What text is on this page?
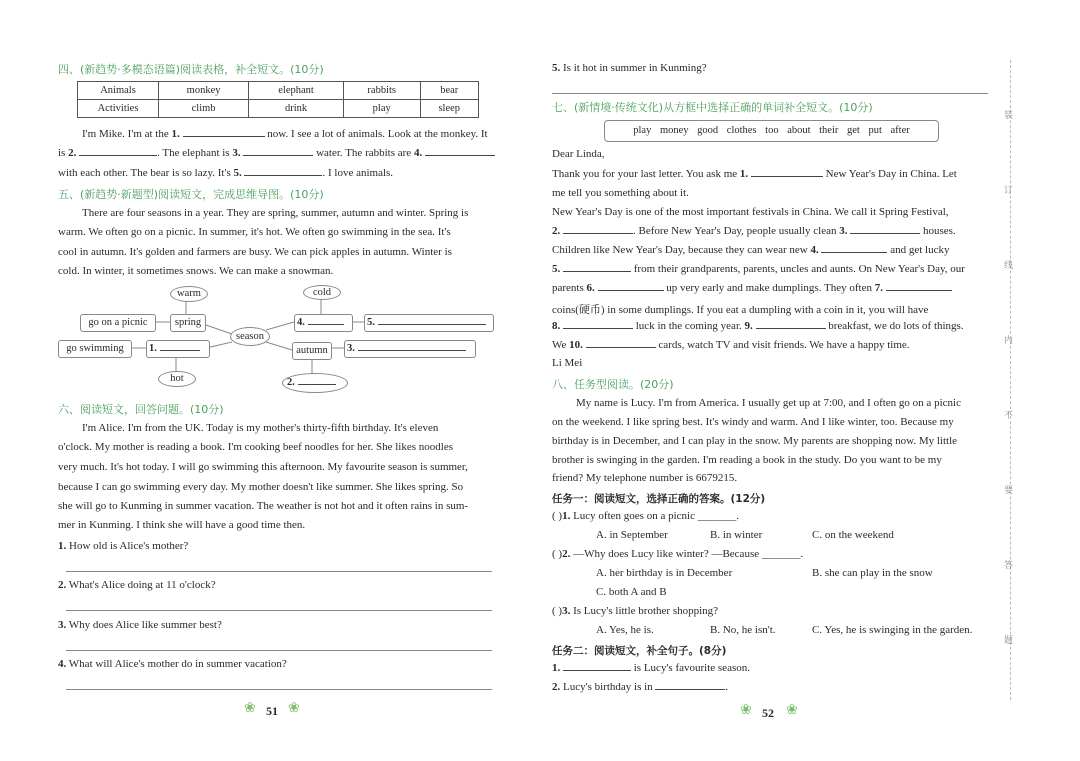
四、(新趋势·多模态语篇)阅读表格，补全短文。(10分)
Animals	monkey	elephant	rabbits	bear
Activities	climb	drink	play	sleep
I'm Mike. I'm at the 1.	now. I see a lot of animals. Look at the monkey. It
is 2.	. The elephant is 3.	water. The rabbits are 4.
with each other. The bear is so lazy. It's 5.	. I love animals.
五、(新趋势·新题型)阅读短文，完成思维导图。(10分)
There are four seasons in a year. They are spring, summer, autumn and winter. Spring is
warm. We often go on a picnic. In summer, it's hot. We often go swimming in the sea. It's
cool in autumn. It's golden and farmers are busy. We can pick apples in autumn. Winter is
cold. In winter, it sometimes snows. We can make a snowman.
warm	cold
go on a picnic	spring
season
4.	5.
go swimming	1.	autumn	3.
hot	2.
六、阅读短文，回答问题。(10分)
I'm Alice. I'm from the UK. Today is my mother's thirty-fifth birthday. It's eleven
o'clock. My mother is reading a book. I'm cooking beef noodles for her. She likes noodles
very much. It's hot today. I will go swimming this afternoon. My favourite season is summer,
because I can go swimming every day. My mother doesn't like summer. She likes spring. So
she will go to Kunming in summer vacation. The weather is not hot and it often rains in sum-
mer in Kunming. I think she will have a good time then.
1. How old is Alice's mother?
2. What's Alice doing at 11 o'clock?
3. Why does Alice like summer best?
4. What will Alice's mother do in summer vacation?
❀ 51 ❀
5. Is it hot in summer in Kunming?
七、(新情境·传统文化)从方框中选择正确的单词补全短文。(10分)
play money good clothes too about their get put after
Dear Linda,
Thank you for your last letter. You ask me 1.	New Year's Day in China. Let
me tell you something about it.
New Year's Day is one of the most important festivals in China. We call it Spring Festival,
2.	. Before New Year's Day, people usually clean 3.	houses.
Children like New Year's Day, because they can wear new 4.	and get lucky
5.	from their grandparents, parents, uncles and aunts. On New Year's Day, our
parents 6.	up very early and make dumplings. They often 7.
coins(硬币) in some dumplings. If you eat a dumpling with a coin in it, you will have
8.	luck in the coming year. 9.	breakfast, we do lots of things.
We 10.	cards, watch TV and visit friends. We have a happy time.
Li Mei
八、任务型阅读。(20分)
My name is Lucy. I'm from America. I usually get up at 7:00, and I often go on a picnic
on the weekend. I like spring best. It's windy and warm. And I like winter, too. Because my
birthday is in December, and I can play in the snow. My parents are shopping now. My little
brother is swinging in the garden. I'm reading a book in the study. Do you want to be my
friend? My telephone number is 6679215.
任务一：阅读短文，选择正确的答案。(12分)
( )1. Lucy often goes on a picnic _______.
A. in September	B. in winter	C. on the weekend
( )2. —Why does Lucy like winter? —Because _______.
A. her birthday is in December	B. she can play in the snow
C. both A and B
( )3. Is Lucy's little brother shopping?
A. Yes, he is.	B. No, he isn't.	C. Yes, he is swinging in the garden.
任务二：阅读短文，补全句子。(8分)
1.	is Lucy's favourite season.
2. Lucy's birthday is in	.
❀ 52 ❀
装
订
线
内
不
要
答
题
